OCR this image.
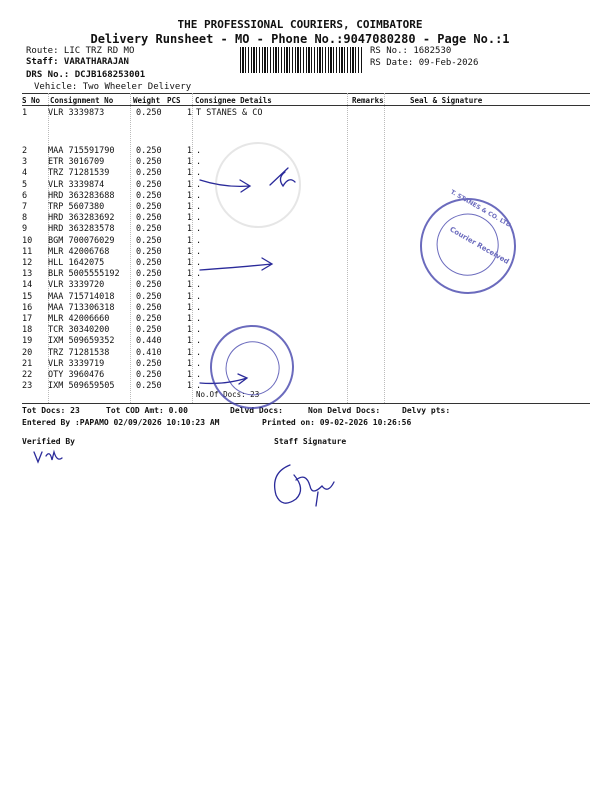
THE PROFESSIONAL COURIERS, COIMBATORE
Delivery Runsheet - MO - Phone No.:9047080280 - Page No.:1
Route: LIC TRZ RD MO
Staff: VARATHARAJAN
DRS No.: DCJB168253001
Vehicle: Two Wheeler Delivery
RS No.: 1682530
RS Date: 09-Feb-2026
S No Consignment No	Weight PCS Consignee Details	Remarks	Seal & Signature
1	VLR 3339873	0.250	1	T STANES & CO
2	MAA 715591790	0.250	1	.
3	ETR 3016709	0.250	1	.
4	TRZ 71281539	0.250	1	.
5	VLR 3339874	0.250	1	.
6	HRD 363283688	0.250	1	.
7	TRP 5607380	0.250	1	.
8	HRD 363283692	0.250	1	.
9	HRD 363283578	0.250	1	.
10	BGM 700076029	0.250	1	.
11	MLR 42006768	0.250	1	.
12	HLL 1642075	0.250	1	.
13	BLR 5005555192	0.250	1	.
14	VLR 3339720	0.250	1	.
15	MAA 715714018	0.250	1	.
16	MAA 713306318	0.250	1	.
17	MLR 42006660	0.250	1	.
18	TCR 30340200	0.250	1	.
19	IXM 509659352	0.440	1	.
20	TRZ 71281538	0.410	1	.
21	VLR 3339719	0.250	1	.
22	OTY 3960476	0.250	1	.
23	IXM 509659505	0.250	1	.
No.Of Docs: 23
Tot Docs: 23	Tot COD Amt: 0.00	Delvd Docs:	Non Delvd Docs:	Delvy pts:
Entered By :PAPAMO 02/09/2026 10:10:23 AM	Printed on: 09-02-2026 10:26:56
Verified By	Staff Signature
Courier Received
T. STANES & CO. LTD.
